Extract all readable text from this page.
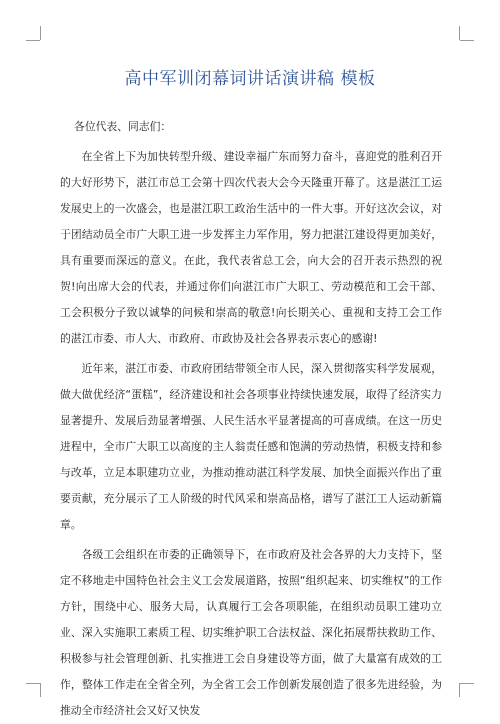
高中军训闭幕词讲话演讲稿 模板

各位代表、同志们：

在全省上下为加快转型升级、建设幸福广东而努力奋斗，喜迎党的胜利召开的大好形势下，湛江市总工会第十四次代表大会今天隆重开幕了。这是湛江工运发展史上的一次盛会，也是湛江职工政治生活中的一件大事。开好这次会议，对于团结动员全市广大职工进一步发挥主力军作用，努力把湛江建设得更加美好，具有重要而深远的意义。在此，我代表省总工会，向大会的召开表示热烈的祝贺!向出席大会的代表，并通过你们向湛江市广大职工、劳动模范和工会干部、工会积极分子致以诚挚的问候和崇高的敬意!向长期关心、重视和支持工会工作的湛江市委、市人大、市政府、市政协及社会各界表示衷心的感谢!

近年来，湛江市委、市政府团结带领全市人民，深入贯彻落实科学发展观，做大做优经济“蛋糕”，经济建设和社会各项事业持续快速发展，取得了经济实力显著提升、发展后劲显著增强、人民生活水平显著提高的可喜成绩。在这一历史进程中，全市广大职工以高度的主人翁责任感和饱满的劳动热情，积极支持和参与改革，立足本职建功立业，为推动推动湛江科学发展、加快全面振兴作出了重要贡献，充分展示了工人阶级的时代风采和崇高品格，谱写了湛江工人运动新篇章。

各级工会组织在市委的正确领导下，在市政府及社会各界的大力支持下，坚定不移地走中国特色社会主义工会发展道路，按照“组织起来、切实维权”的工作方针，围绕中心、服务大局，认真履行工会各项职能，在组织动员职工建功立业、深入实施职工素质工程、切实维护职工合法权益、深化拓展帮扶救助工作、积极参与社会管理创新、扎实推进工会自身建设等方面，做了大量富有成效的工作，整体工作走在全省全列，为全省工会工作创新发展创造了很多先进经验，为推动全市经济社会又好又快发
